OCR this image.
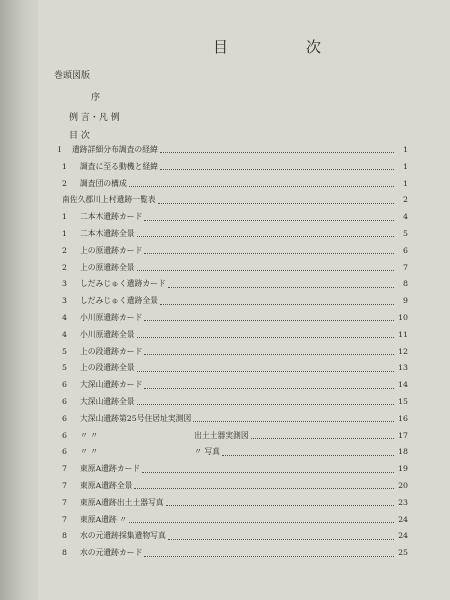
目	次
巻頭図版
序
例 言・凡 例
目 次
I	遺跡詳細分布調査の経緯	1
1	調査に至る動機と経緯	1
2	調査団の構成	1
南佐久郡川上村遺跡一覧表	2
1	二本木遺跡カード	4
1	二本木遺跡全景	5
2	上の原遺跡カード	6
2	上の原遺跡全景	7
3	しだみじゅく遺跡カード	8
3	しだみじゅく遺跡全景	9
4	小川原遺跡カード	10
4	小川原遺跡全景	11
5	上の段遺跡カード	12
5	上の段遺跡全景	13
6	大深山遺跡カード	14
6	大深山遺跡全景	15
6	大深山遺跡第25号住居址実測図	16
6	〃 〃	出土土器実測図	17
6	〃 〃	〃 写真	18
7	東原A遺跡カード	19
7	東原A遺跡全景	20
7	東原A遺跡出土土器写真	23
7	東原A遺跡 〃	24
8	水の元遺跡採集遺物写真	24
8	水の元遺跡カード	25
